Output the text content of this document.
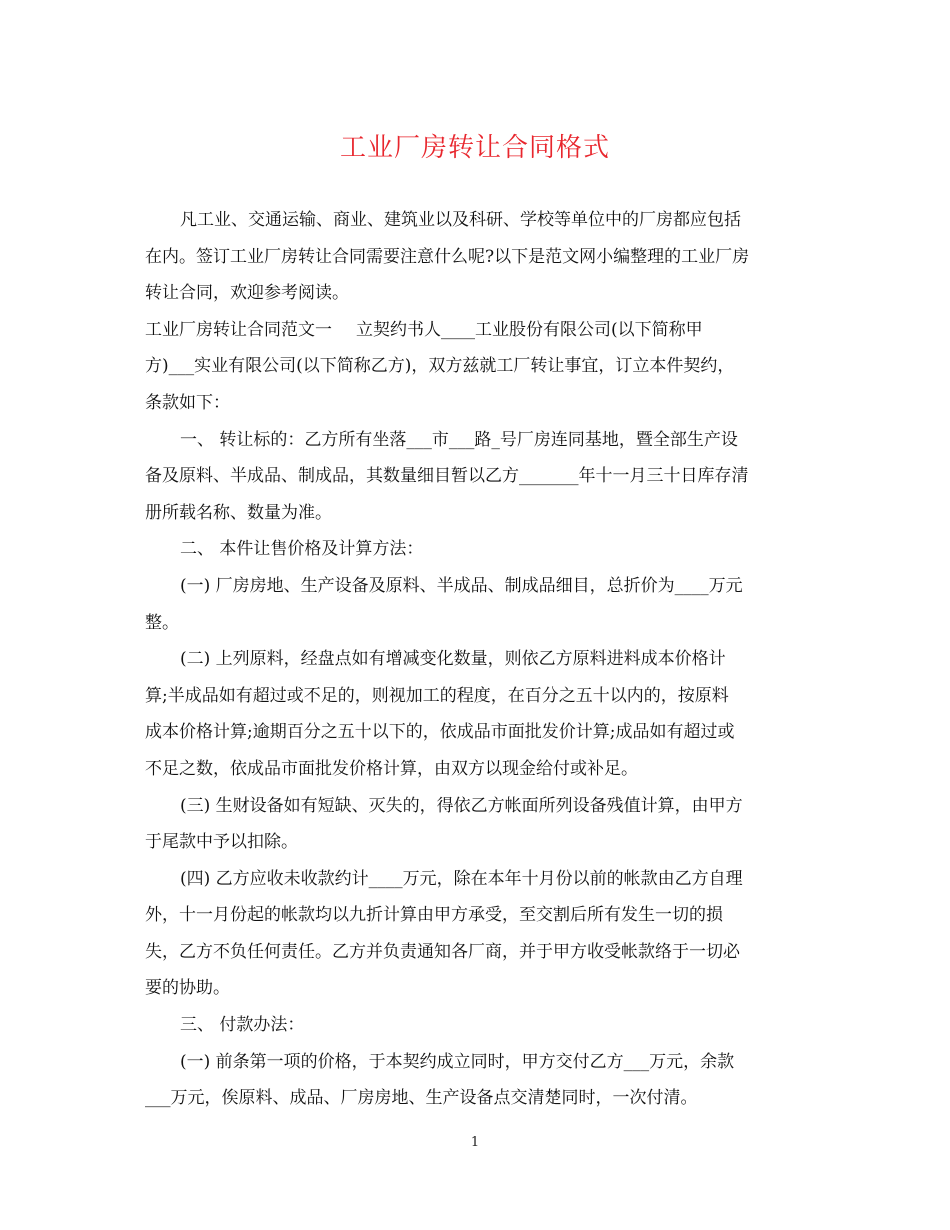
工业厂房转让合同格式
凡工业、交通运输、商业、建筑业以及科研、学校等单位中的厂房都应包括
在内。签订工业厂房转让合同需要注意什么呢?以下是范文网小编整理的工业厂房
转让合同，欢迎参考阅读。
工业厂房转让合同范文一 立契约书人____工业股份有限公司(以下简称甲
方)___实业有限公司(以下简称乙方)，双方兹就工厂转让事宜，订立本件契约，
条款如下：
一、 转让标的：乙方所有坐落___市___路_号厂房连同基地，暨全部生产设
备及原料、半成品、制成品，其数量细目暂以乙方_______年十一月三十日库存清
册所载名称、数量为准。
二、 本件让售价格及计算方法：
(一) 厂房房地、生产设备及原料、半成品、制成品细目，总折价为____万元
整。
(二) 上列原料，经盘点如有增减变化数量，则依乙方原料进料成本价格计
算;半成品如有超过或不足的，则视加工的程度，在百分之五十以内的，按原料
成本价格计算;逾期百分之五十以下的，依成品市面批发价计算;成品如有超过或
不足之数，依成品市面批发价格计算，由双方以现金给付或补足。
(三) 生财设备如有短缺、灭失的，得依乙方帐面所列设备残值计算，由甲方
于尾款中予以扣除。
(四) 乙方应收未收款约计____万元，除在本年十月份以前的帐款由乙方自理
外，十一月份起的帐款均以九折计算由甲方承受，至交割后所有发生一切的损
失，乙方不负任何责任。乙方并负责通知各厂商，并于甲方收受帐款络于一切必
要的协助。
三、 付款办法：
(一) 前条第一项的价格，于本契约成立同时，甲方交付乙方___万元，余款
___万元，俟原料、成品、厂房房地、生产设备点交清楚同时，一次付清。
1
